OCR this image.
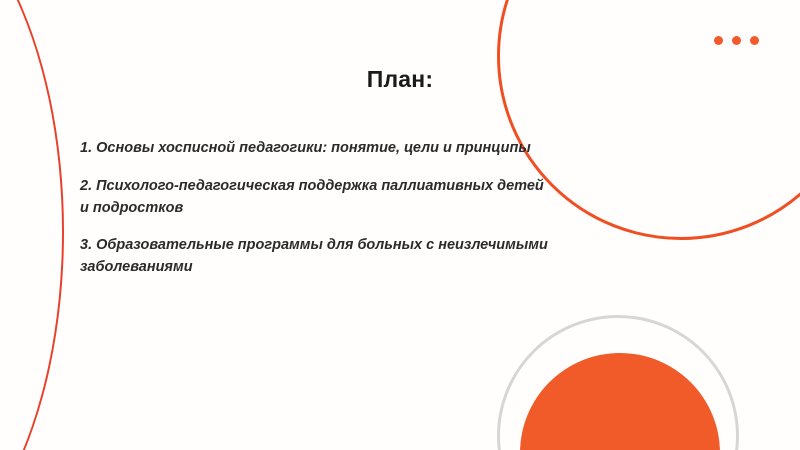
План:
1. Основы хосписной педагогики: понятие, цели и принципы
2. Психолого-педагогическая поддержка паллиативных детей и подростков
3. Образовательные программы для больных с неизлечимыми заболеваниями
